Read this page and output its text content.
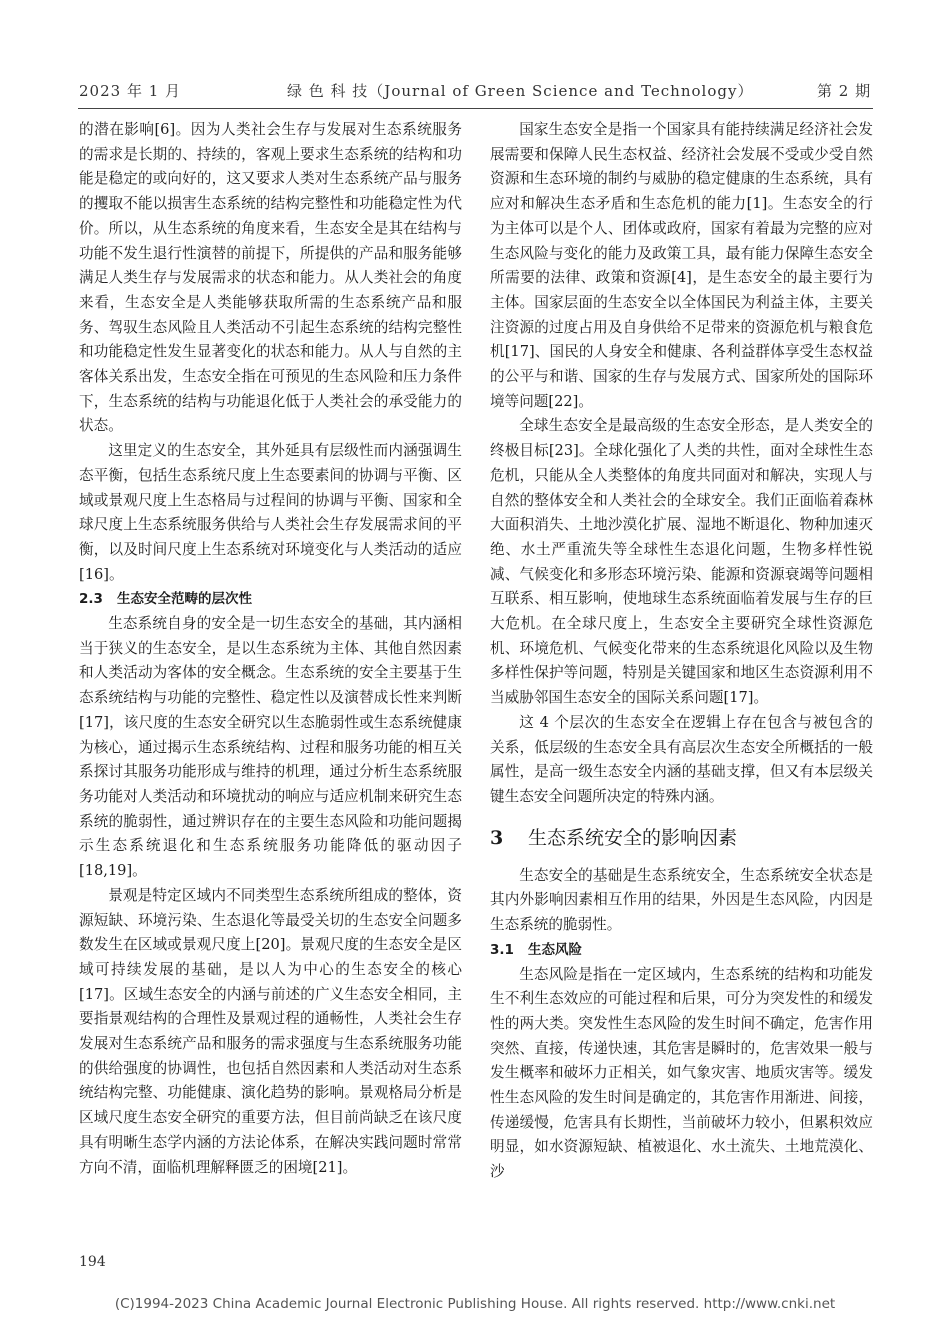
2023 年 1 月	绿 色 科 技（Journal of Green Science and Technology）	第 2 期

的潜在影响[6]。因为人类社会生存与发展对生态系统服务的需求是长期的、持续的，客观上要求生态系统的结构和功能是稳定的或向好的，这又要求人类对生态系统产品与服务的攫取不能以损害生态系统的结构完整性和功能稳定性为代价。所以，从生态系统的角度来看，生态安全是其在结构与功能不发生退行性演替的前提下，所提供的产品和服务能够满足人类生存与发展需求的状态和能力。从人类社会的角度来看，生态安全是人类能够获取所需的生态系统产品和服务、驾驭生态风险且人类活动不引起生态系统的结构完整性和功能稳定性发生显著变化的状态和能力。从人与自然的主客体关系出发，生态安全指在可预见的生态风险和压力条件下，生态系统的结构与功能退化低于人类社会的承受能力的状态。

这里定义的生态安全，其外延具有层级性而内涵强调生态平衡，包括生态系统尺度上生态要素间的协调与平衡、区域或景观尺度上生态格局与过程间的协调与平衡、国家和全球尺度上生态系统服务供给与人类社会生存发展需求间的平衡，以及时间尺度上生态系统对环境变化与人类活动的适应[16]。

2.3 生态安全范畴的层次性

生态系统自身的安全是一切生态安全的基础，其内涵相当于狭义的生态安全，是以生态系统为主体、其他自然因素和人类活动为客体的安全概念。生态系统的安全主要基于生态系统结构与功能的完整性、稳定性以及演替成长性来判断[17]，该尺度的生态安全研究以生态脆弱性或生态系统健康为核心，通过揭示生态系统结构、过程和服务功能的相互关系探讨其服务功能形成与维持的机理，通过分析生态系统服务功能对人类活动和环境扰动的响应与适应机制来研究生态系统的脆弱性，通过辨识存在的主要生态风险和功能问题揭示生态系统退化和生态系统服务功能降低的驱动因子[18,19]。

景观是特定区域内不同类型生态系统所组成的整体，资源短缺、环境污染、生态退化等最受关切的生态安全问题多数发生在区域或景观尺度上[20]。景观尺度的生态安全是区域可持续发展的基础，是以人为中心的生态安全的核心[17]。区域生态安全的内涵与前述的广义生态安全相同，主要指景观结构的合理性及景观过程的通畅性，人类社会生存发展对生态系统产品和服务的需求强度与生态系统服务功能的供给强度的协调性，也包括自然因素和人类活动对生态系统结构完整、功能健康、演化趋势的影响。景观格局分析是区域尺度生态安全研究的重要方法，但目前尚缺乏在该尺度具有明晰生态学内涵的方法论体系，在解决实践问题时常常方向不清，面临机理解释匮乏的困境[21]。

国家生态安全是指一个国家具有能持续满足经济社会发展需要和保障人民生态权益、经济社会发展不受或少受自然资源和生态环境的制约与威胁的稳定健康的生态系统，具有应对和解决生态矛盾和生态危机的能力[1]。生态安全的行为主体可以是个人、团体或政府，国家有着最为完整的应对生态风险与变化的能力及政策工具，最有能力保障生态安全所需要的法律、政策和资源[4]，是生态安全的最主要行为主体。国家层面的生态安全以全体国民为利益主体，主要关注资源的过度占用及自身供给不足带来的资源危机与粮食危机[17]、国民的人身安全和健康、各利益群体享受生态权益的公平与和谐、国家的生存与发展方式、国家所处的国际环境等问题[22]。

全球生态安全是最高级的生态安全形态，是人类安全的终极目标[23]。全球化强化了人类的共性，面对全球性生态危机，只能从全人类整体的角度共同面对和解决，实现人与自然的整体安全和人类社会的全球安全。我们正面临着森林大面积消失、土地沙漠化扩展、湿地不断退化、物种加速灭绝、水土严重流失等全球性生态退化问题，生物多样性锐减、气候变化和多形态环境污染、能源和资源衰竭等问题相互联系、相互影响，使地球生态系统面临着发展与生存的巨大危机。在全球尺度上，生态安全主要研究全球性资源危机、环境危机、气候变化带来的生态系统退化风险以及生物多样性保护等问题，特别是关键国家和地区生态资源利用不当威胁邻国生态安全的国际关系问题[17]。

这 4 个层次的生态安全在逻辑上存在包含与被包含的关系，低层级的生态安全具有高层次生态安全所概括的一般属性，是高一级生态安全内涵的基础支撑，但又有本层级关键生态安全问题所决定的特殊内涵。

3 生态系统安全的影响因素

生态安全的基础是生态系统安全，生态系统安全状态是其内外影响因素相互作用的结果，外因是生态风险，内因是生态系统的脆弱性。

3.1 生态风险

生态风险是指在一定区域内，生态系统的结构和功能发生不利生态效应的可能过程和后果，可分为突发性的和缓发性的两大类。突发性生态风险的发生时间不确定，危害作用突然、直接，传递快速，其危害是瞬时的，危害效果一般与发生概率和破坏力正相关，如气象灾害、地质灾害等。缓发性生态风险的发生时间是确定的，其危害作用渐进、间接，传递缓慢，危害具有长期性，当前破坏力较小，但累积效应明显，如水资源短缺、植被退化、水土流失、土地荒漠化、沙

194
(C)1994-2023 China Academic Journal Electronic Publishing House. All rights reserved. http://www.cnki.net
